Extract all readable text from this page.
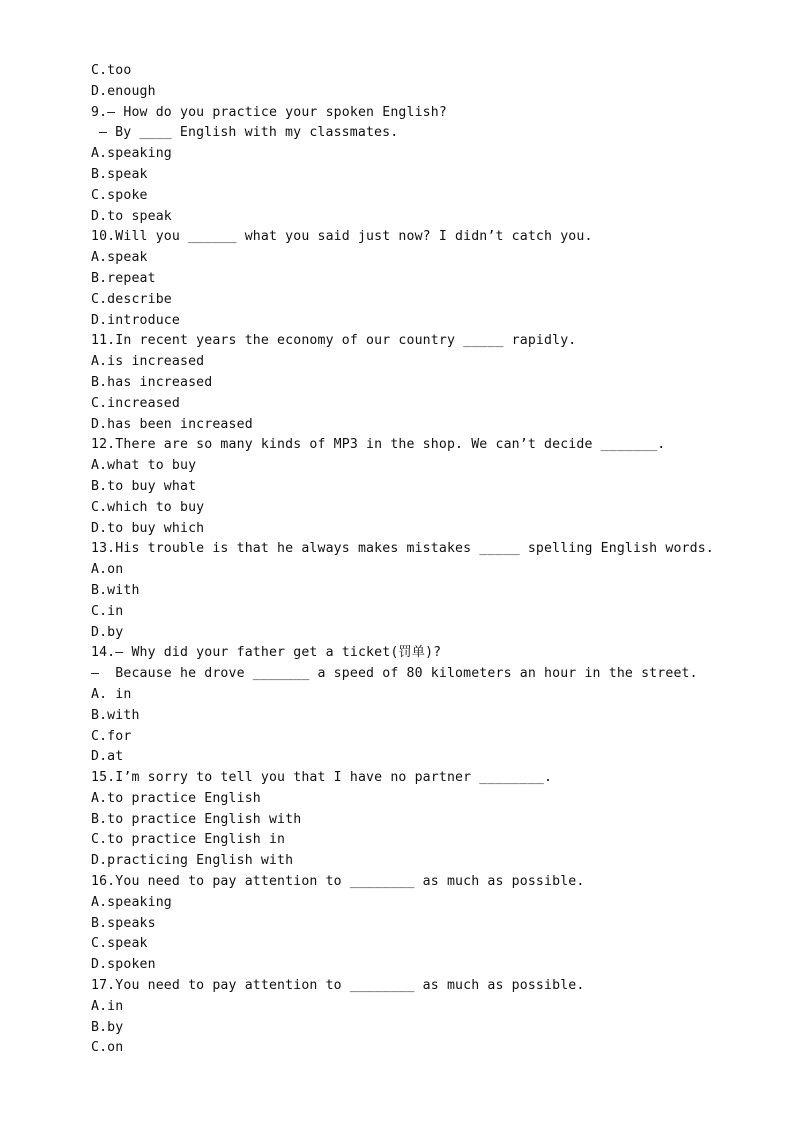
C.too
D.enough
9.— How do you practice your spoken English?
— By ____ English with my classmates.
A.speaking
B.speak
C.spoke
D.to speak
10.Will you ______ what you said just now? I didn’t catch you.
A.speak
B.repeat
C.describe
D.introduce
11.In recent years the economy of our country _____ rapidly.
A.is increased
B.has increased
C.increased
D.has been increased
12.There are so many kinds of MP3 in the shop. We can’t decide _______.
A.what to buy
B.to buy what
C.which to buy
D.to buy which
13.His trouble is that he always makes mistakes _____ spelling English words.
A.on
B.with
C.in
D.by
14.— Why did your father get a ticket(罚单)?
—  Because he drove _______ a speed of 80 kilometers an hour in the street.
A. in
B.with
C.for
D.at
15.I’m sorry to tell you that I have no partner ________.
A.to practice English
B.to practice English with
C.to practice English in
D.practicing English with
16.You need to pay attention to ________ as much as possible.
A.speaking
B.speaks
C.speak
D.spoken
17.You need to pay attention to ________ as much as possible.
A.in
B.by
C.on
